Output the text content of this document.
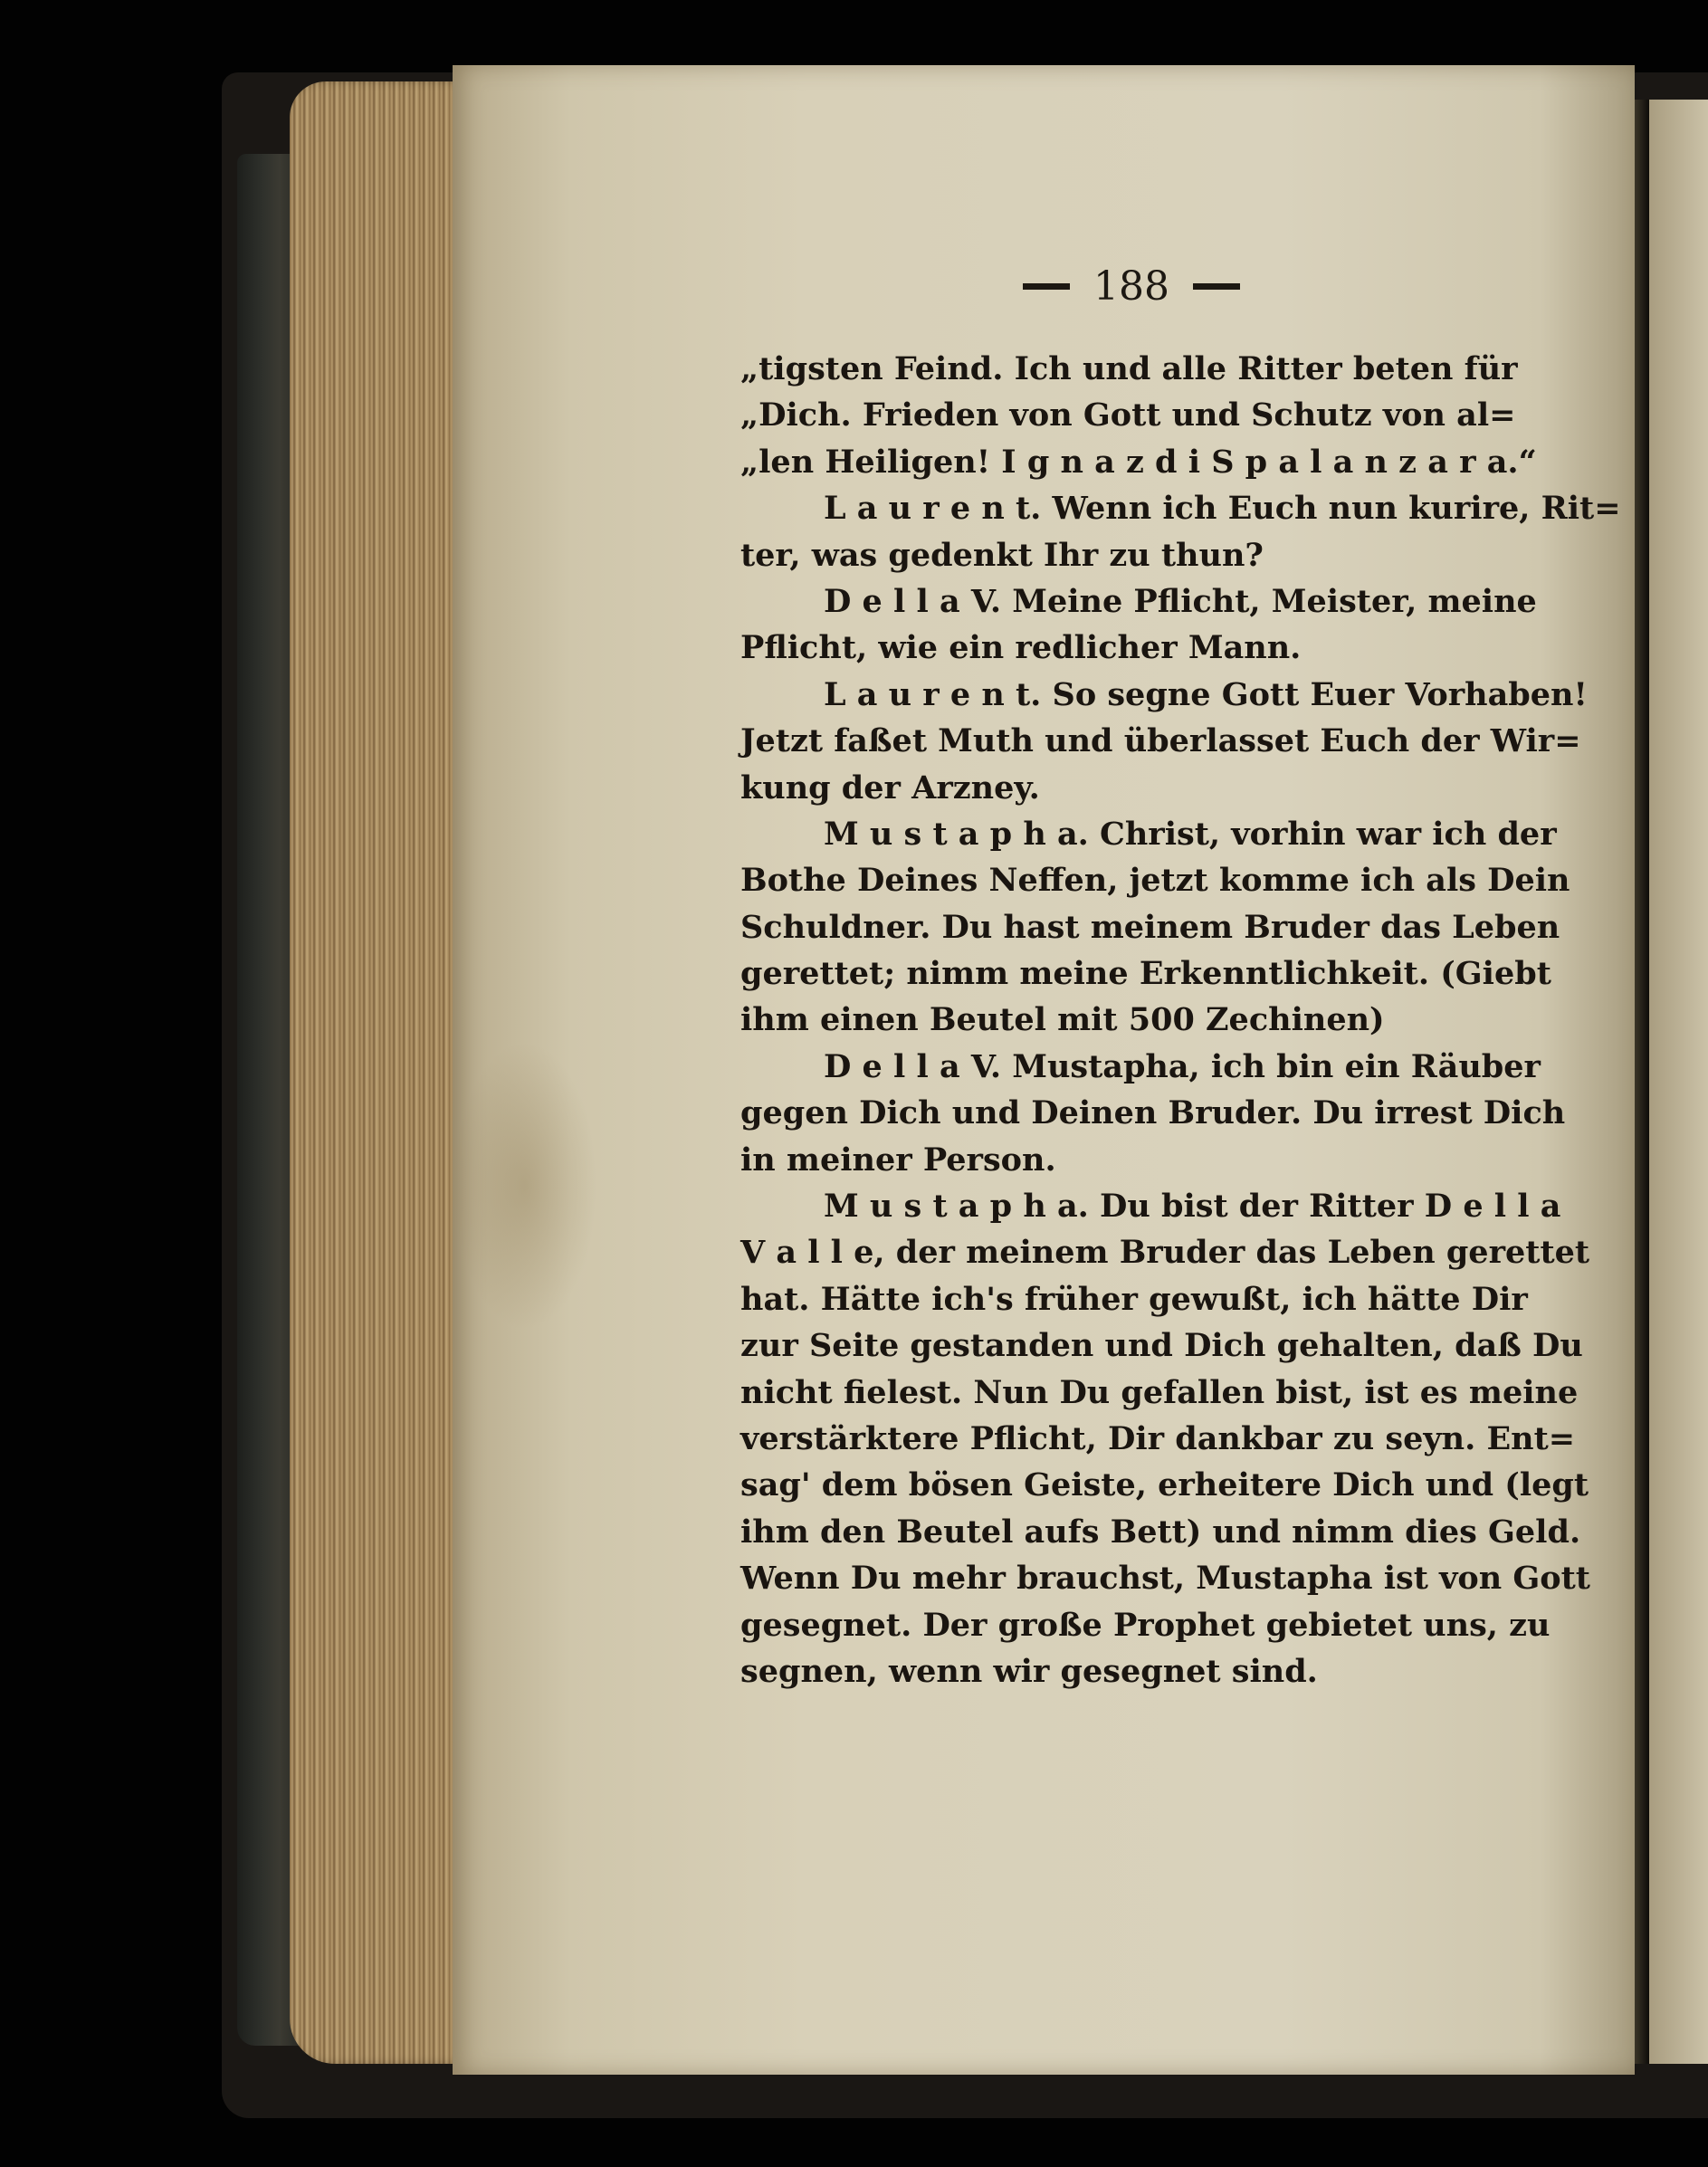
188
„tigsten Feind. Ich und alle Ritter beten für
„Dich. Frieden von Gott und Schutz von al=
„len Heiligen! I g n a z d i S p a l a n z a r a.“
L a u r e n t. Wenn ich Euch nun kurire, Rit=
ter, was gedenkt Ihr zu thun?
D e l l a V. Meine Pflicht, Meister, meine
Pflicht, wie ein redlicher Mann.
L a u r e n t. So segne Gott Euer Vorhaben!
Jetzt faßet Muth und überlasset Euch der Wir=
kung der Arzney.
M u s t a p h a. Christ, vorhin war ich der
Bothe Deines Neffen, jetzt komme ich als Dein
Schuldner. Du hast meinem Bruder das Leben
gerettet; nimm meine Erkenntlichkeit. (Giebt
ihm einen Beutel mit 500 Zechinen)
D e l l a V. Mustapha, ich bin ein Räuber
gegen Dich und Deinen Bruder. Du irrest Dich
in meiner Person.
M u s t a p h a. Du bist der Ritter D e l l a
V a l l e, der meinem Bruder das Leben gerettet
hat. Hätte ich's früher gewußt, ich hätte Dir
zur Seite gestanden und Dich gehalten, daß Du
nicht fielest. Nun Du gefallen bist, ist es meine
verstärktere Pflicht, Dir dankbar zu seyn. Ent=
sag' dem bösen Geiste, erheitere Dich und (legt
ihm den Beutel aufs Bett) und nimm dies Geld.
Wenn Du mehr brauchst, Mustapha ist von Gott
gesegnet. Der große Prophet gebietet uns, zu
segnen, wenn wir gesegnet sind.
